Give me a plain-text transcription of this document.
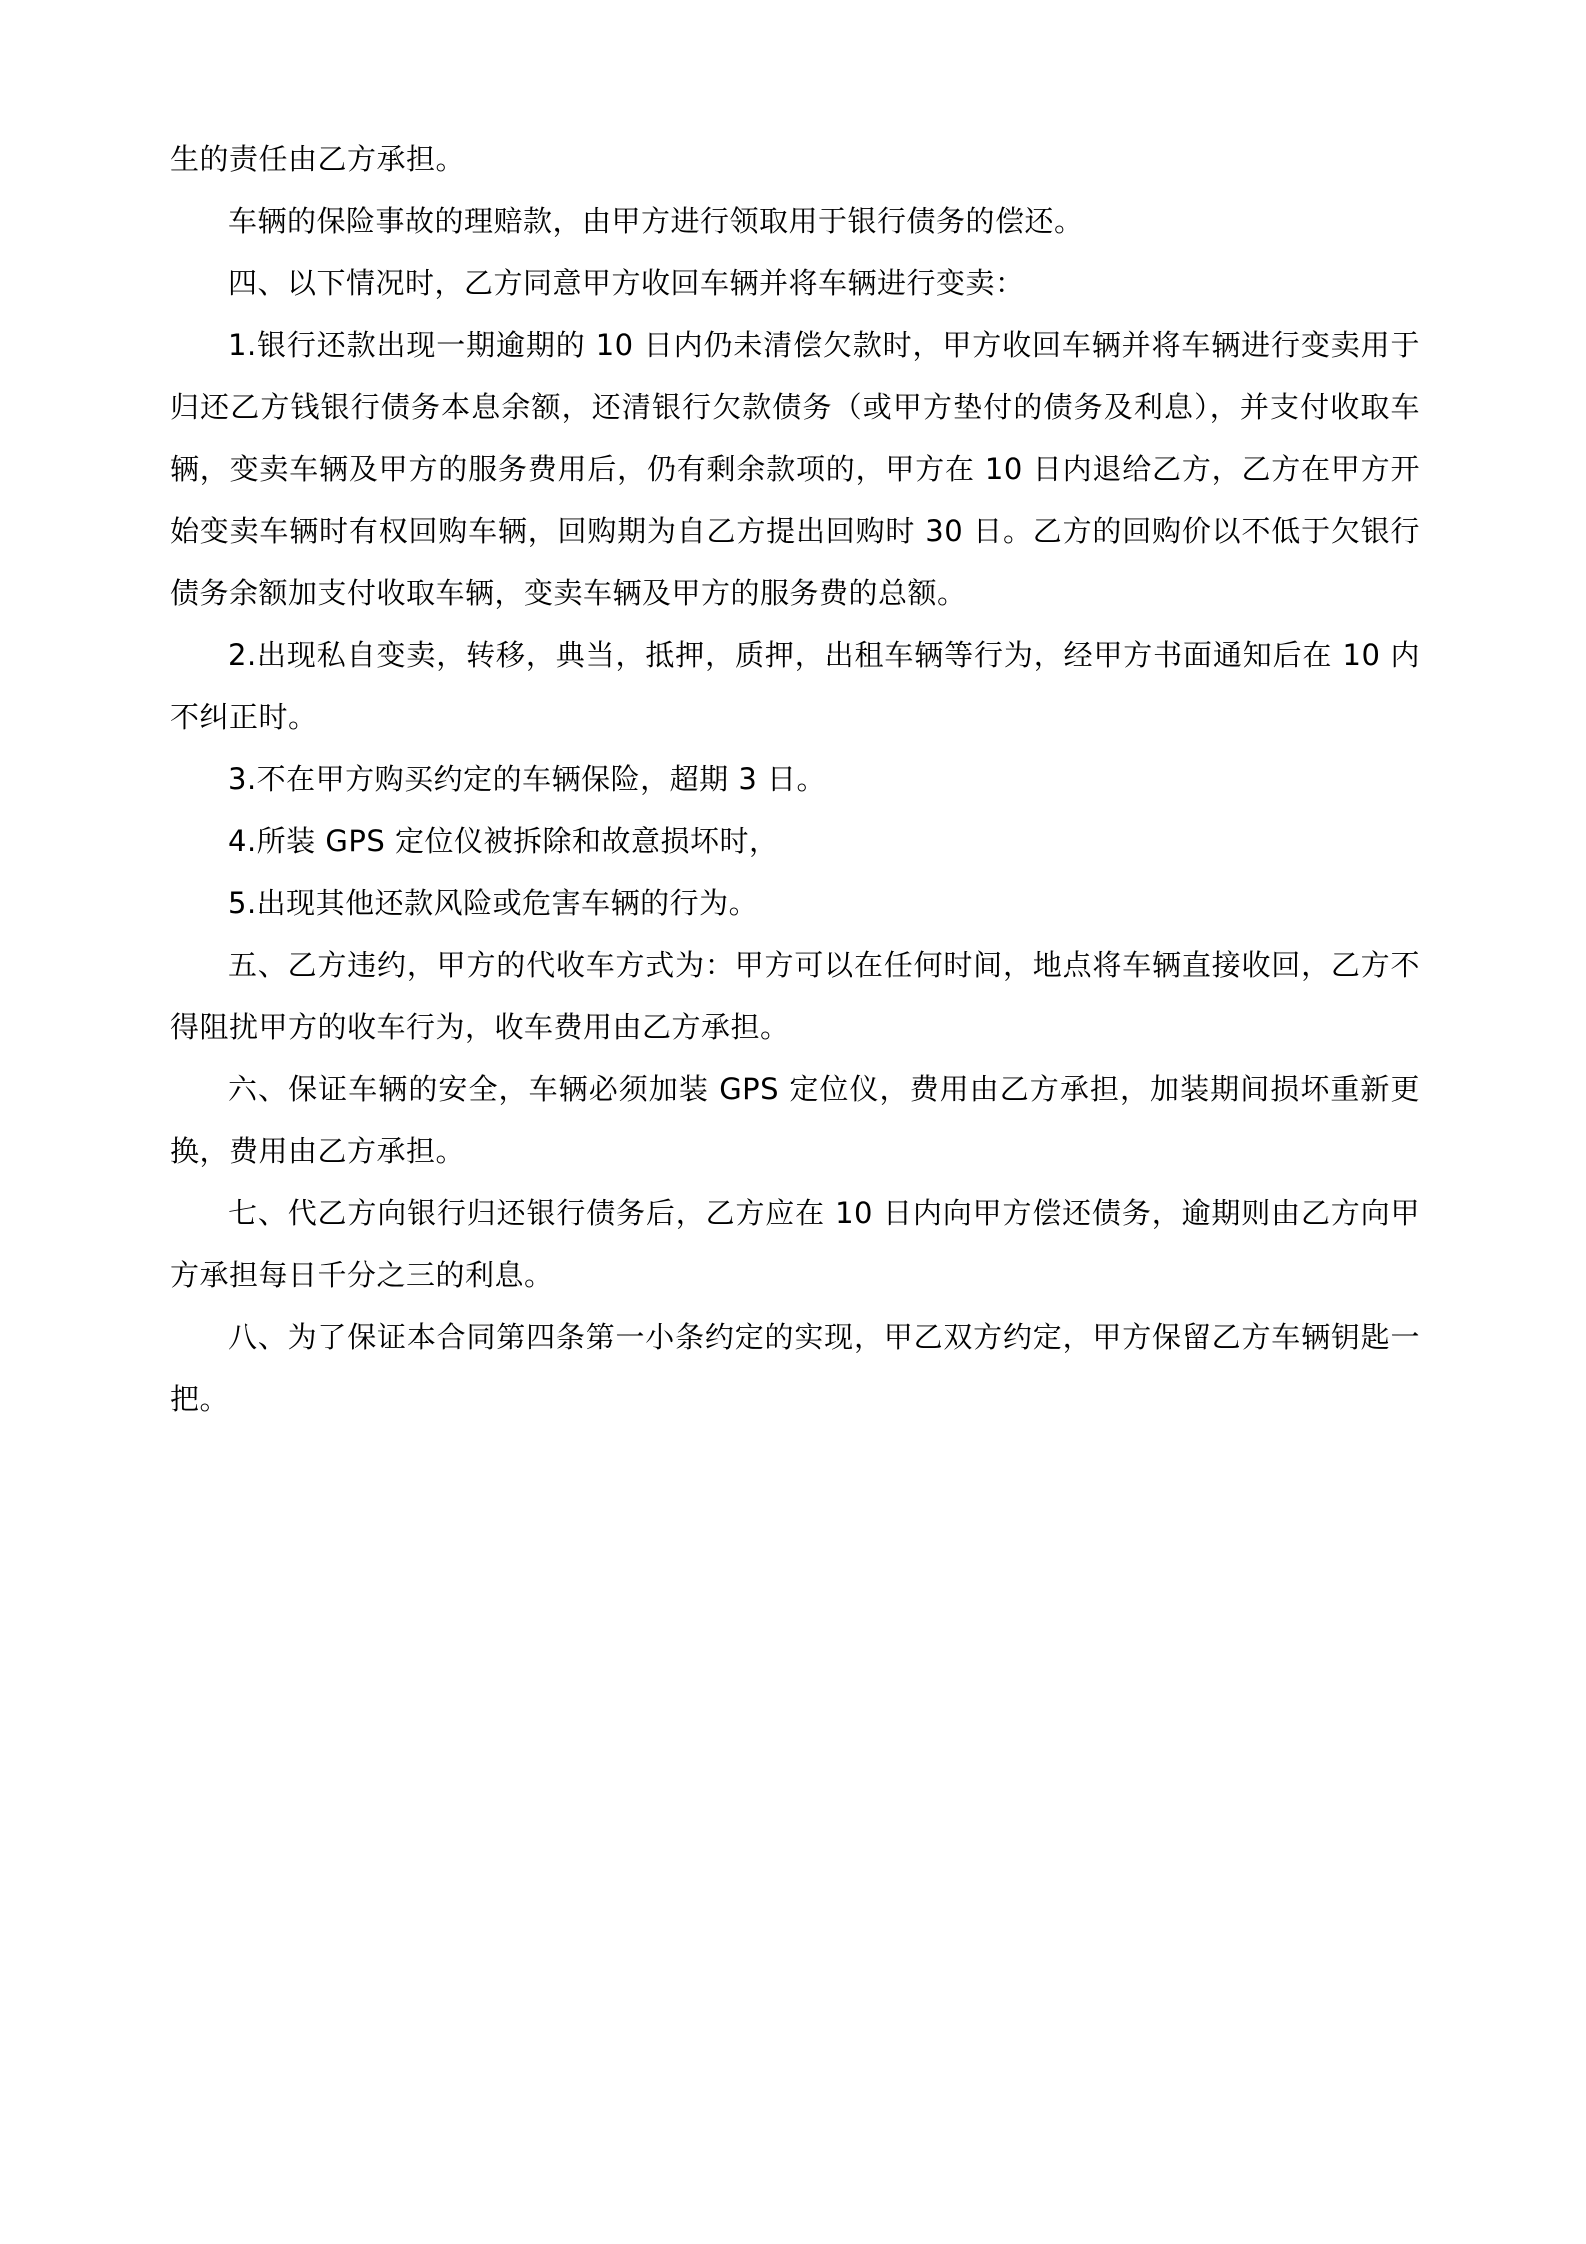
生的责任由乙方承担。

车辆的保险事故的理赔款，由甲方进行领取用于银行债务的偿还。

四、以下情况时，乙方同意甲方收回车辆并将车辆进行变卖：

1.银行还款出现一期逾期的 10 日内仍未清偿欠款时，甲方收回车辆并将车辆进行变卖用于归还乙方钱银行债务本息余额，还清银行欠款债务（或甲方垫付的债务及利息），并支付收取车辆，变卖车辆及甲方的服务费用后，仍有剩余款项的，甲方在 10 日内退给乙方，乙方在甲方开始变卖车辆时有权回购车辆，回购期为自乙方提出回购时 30 日。乙方的回购价以不低于欠银行债务余额加支付收取车辆，变卖车辆及甲方的服务费的总额。

2.出现私自变卖，转移，典当，抵押，质押，出租车辆等行为，经甲方书面通知后在 10 内不纠正时。

3.不在甲方购买约定的车辆保险，超期 3 日。

4.所装 GPS 定位仪被拆除和故意损坏时，

5.出现其他还款风险或危害车辆的行为。

五、乙方违约，甲方的代收车方式为：甲方可以在任何时间，地点将车辆直接收回，乙方不得阻扰甲方的收车行为，收车费用由乙方承担。

六、保证车辆的安全，车辆必须加装 GPS 定位仪，费用由乙方承担，加装期间损坏重新更换，费用由乙方承担。

七、代乙方向银行归还银行债务后，乙方应在 10 日内向甲方偿还债务，逾期则由乙方向甲方承担每日千分之三的利息。

八、为了保证本合同第四条第一小条约定的实现，甲乙双方约定，甲方保留乙方车辆钥匙一把。
